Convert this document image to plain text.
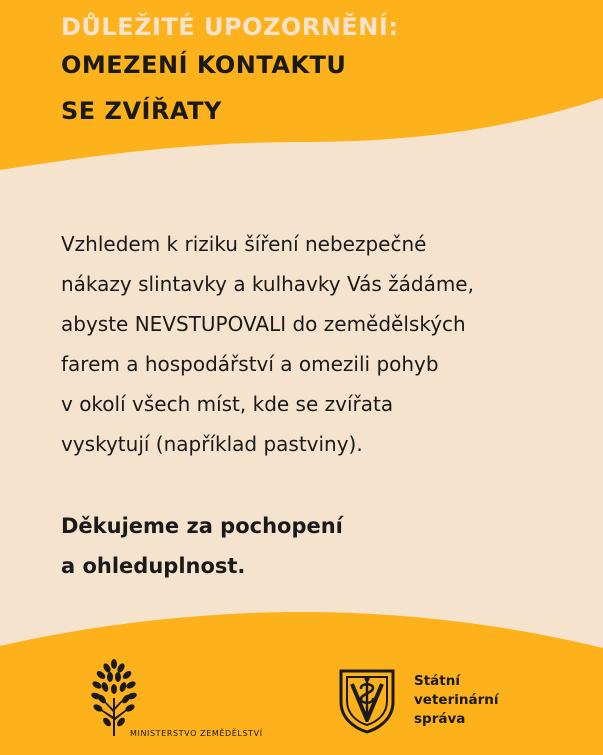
DŮLEŽITÉ UPOZORNĚNÍ:

OMEZENÍ KONTAKTU
SE ZVÍŘATY

Vzhledem k riziku šíření nebezpečné
nákazy slintavky a kulhavky Vás žádáme,
abyste NEVSTUPOVALI do zemědělských
farem a hospodářství a omezili pohyb
v okolí všech míst, kde se zvířata
vyskytují (například pastviny).

Děkujeme za pochopení
a ohleduplnost.
MINISTERSTVO ZEMĚDĚLSTVÍ
Státní
veterinární
správa
